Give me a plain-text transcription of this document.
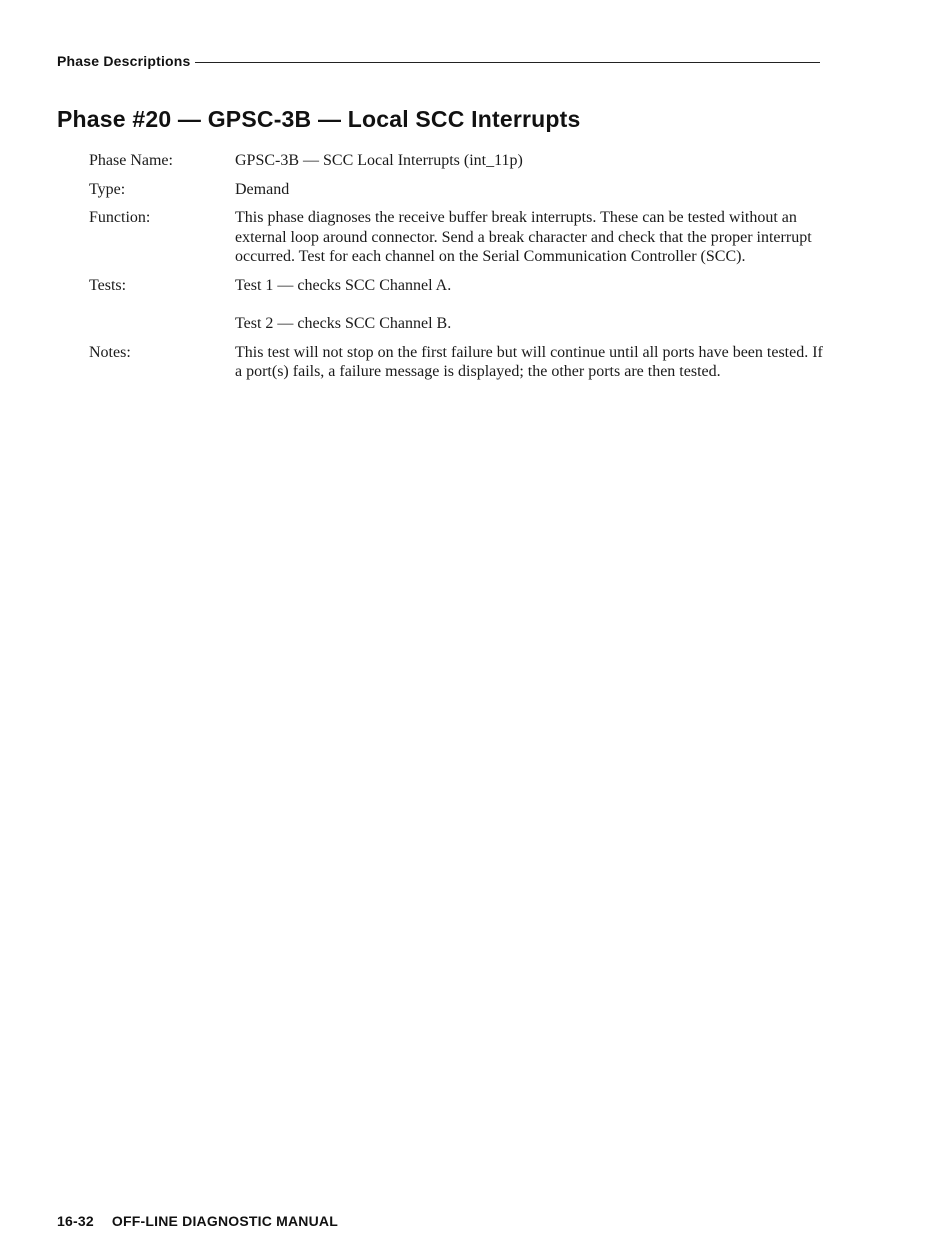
Phase Descriptions
Phase #20 — GPSC-3B — Local SCC Interrupts
Phase Name:	GPSC-3B — SCC Local Interrupts (int_11p)
Type:	Demand
Function:	This phase diagnoses the receive buffer break interrupts. These can be tested without an external loop around connector. Send a break character and check that the proper interrupt occurred. Test for each channel on the Serial Communication Controller (SCC).
Tests:	Test 1 — checks SCC Channel A.

Test 2 — checks SCC Channel B.

Notes:	This test will not stop on the first failure but will continue until all ports have been tested. If a port(s) fails, a failure message is displayed; the other ports are then tested.
16-32 OFF-LINE DIAGNOSTIC MANUAL
